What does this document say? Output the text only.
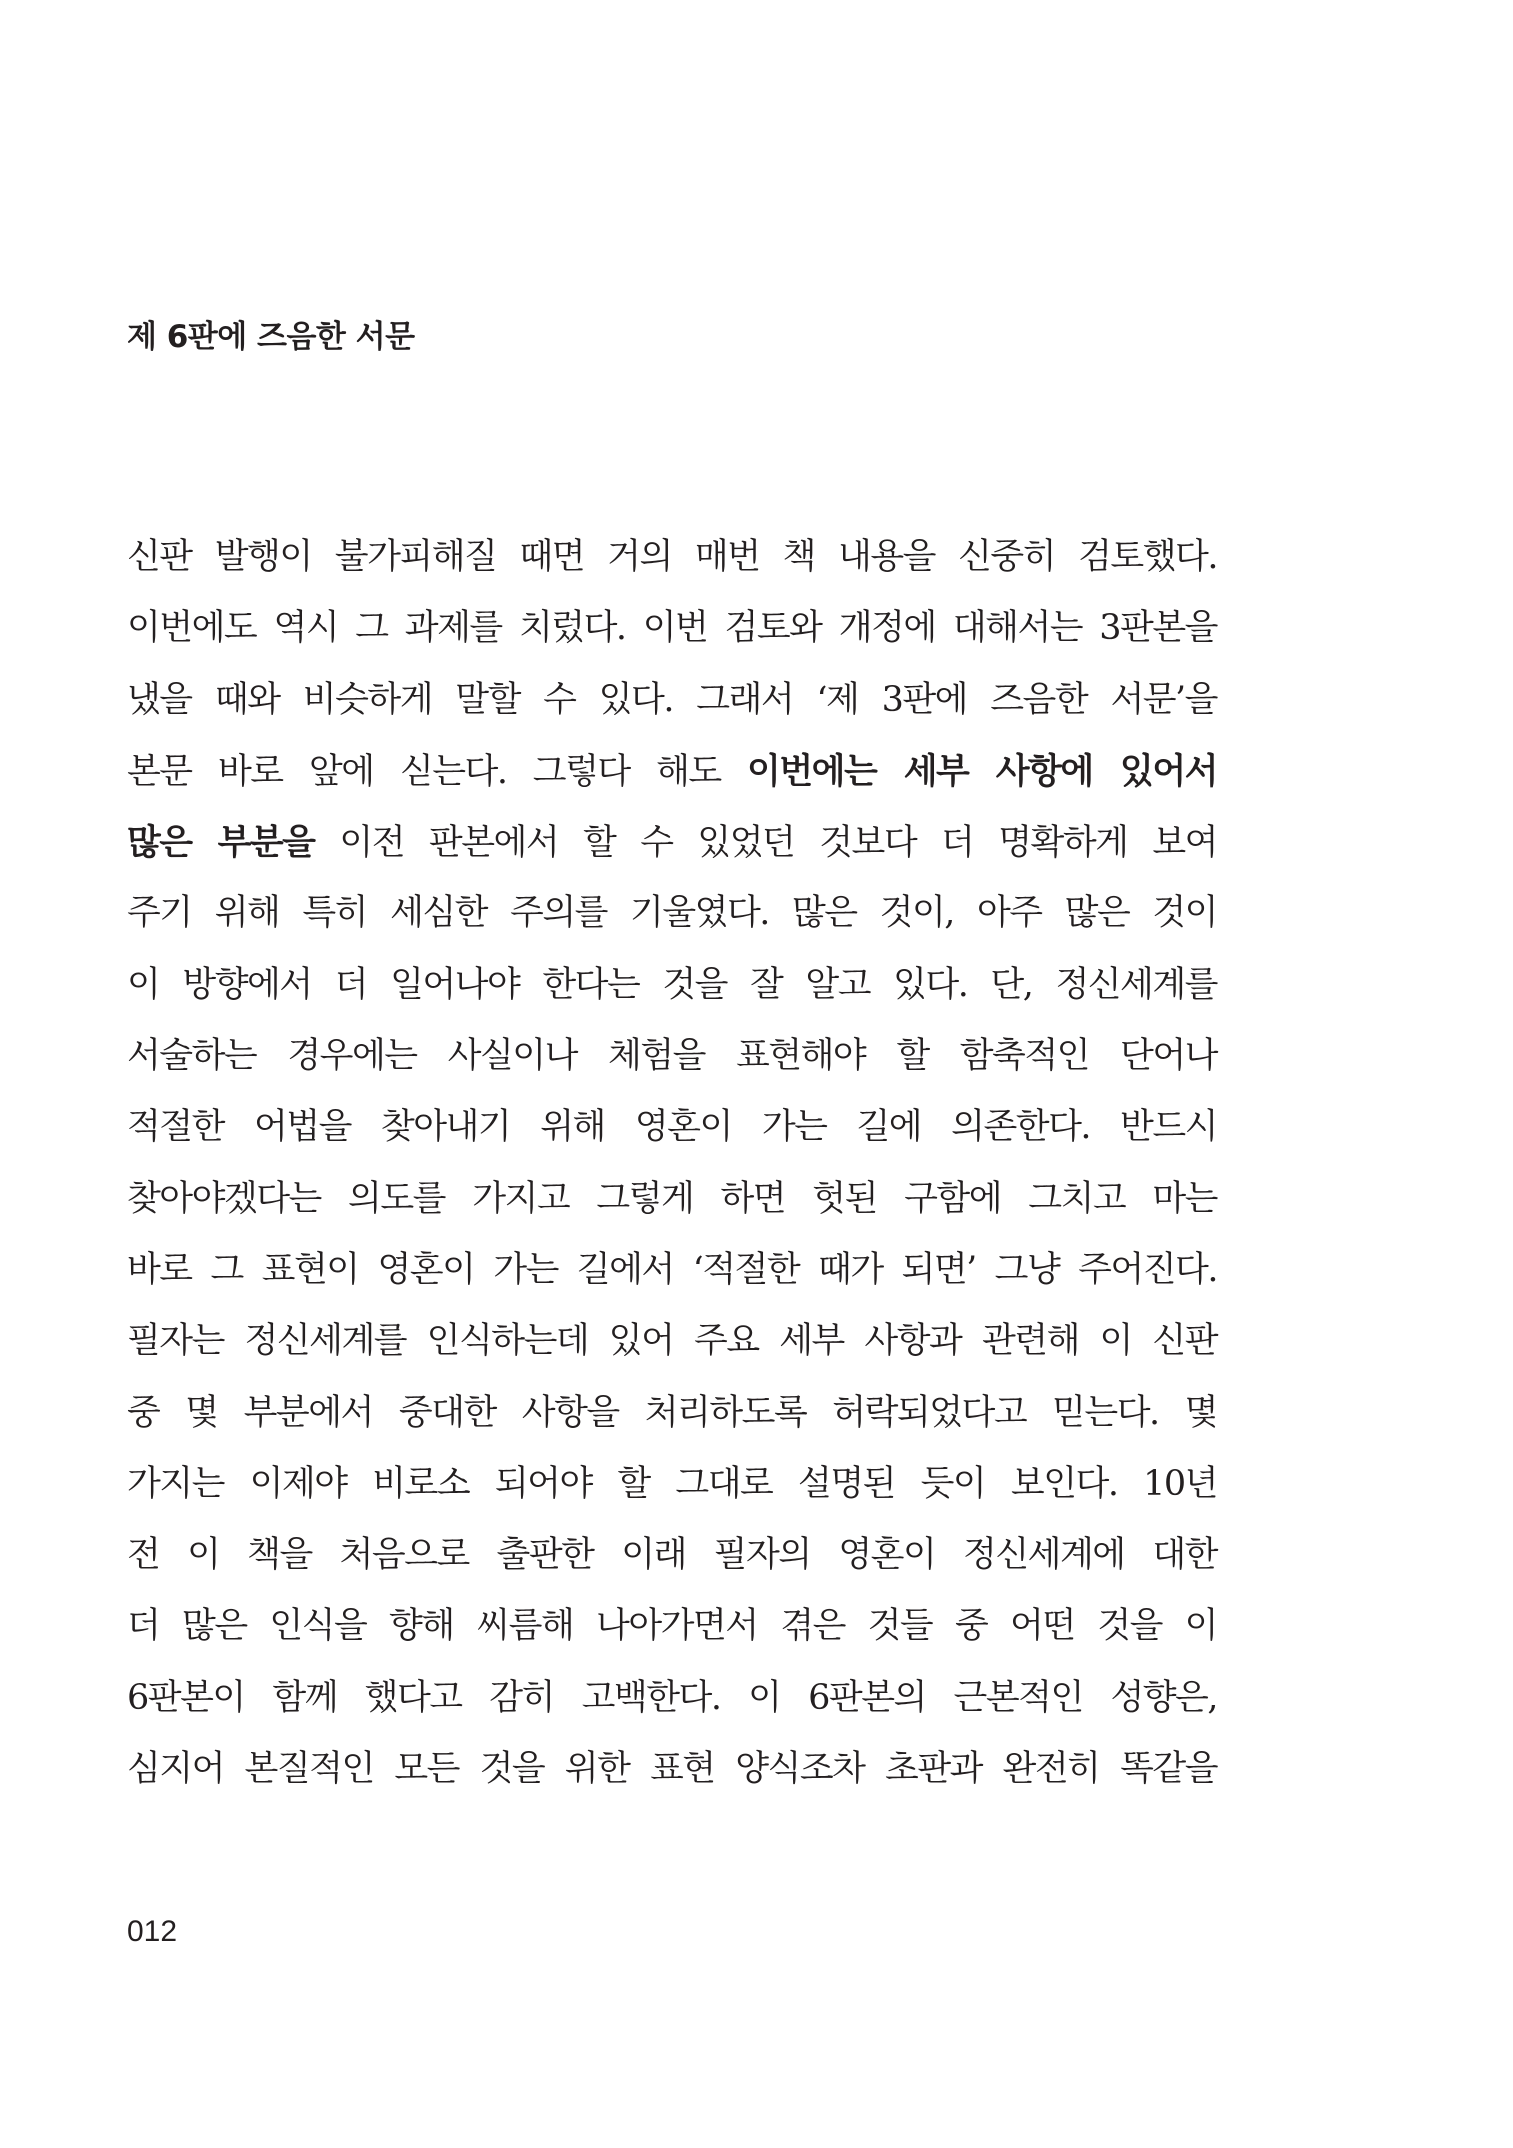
제 6판에 즈음한 서문
신판 발행이 불가피해질 때면 거의 매번 책 내용을 신중히 검토했다.
이번에도 역시 그 과제를 치렀다. 이번 검토와 개정에 대해서는 3판본을
냈을 때와 비슷하게 말할 수 있다. 그래서 ‘제 3판에 즈음한 서문’을
본문 바로 앞에 싣는다. 그렇다 해도 이번에는 세부 사항에 있어서
많은 부분을 이전 판본에서 할 수 있었던 것보다 더 명확하게 보여
주기 위해 특히 세심한 주의를 기울였다. 많은 것이, 아주 많은 것이
이 방향에서 더 일어나야 한다는 것을 잘 알고 있다. 단, 정신세계를
서술하는 경우에는 사실이나 체험을 표현해야 할 함축적인 단어나
적절한 어법을 찾아내기 위해 영혼이 가는 길에 의존한다. 반드시
찾아야겠다는 의도를 가지고 그렇게 하면 헛된 구함에 그치고 마는
바로 그 표현이 영혼이 가는 길에서 ‘적절한 때가 되면’ 그냥 주어진다.
필자는 정신세계를 인식하는데 있어 주요 세부 사항과 관련해 이 신판
중 몇 부분에서 중대한 사항을 처리하도록 허락되었다고 믿는다. 몇
가지는 이제야 비로소 되어야 할 그대로 설명된 듯이 보인다. 10년
전 이 책을 처음으로 출판한 이래 필자의 영혼이 정신세계에 대한
더 많은 인식을 향해 씨름해 나아가면서 겪은 것들 중 어떤 것을 이
6판본이 함께 했다고 감히 고백한다. 이 6판본의 근본적인 성향은,
심지어 본질적인 모든 것을 위한 표현 양식조차 초판과 완전히 똑같을
012
